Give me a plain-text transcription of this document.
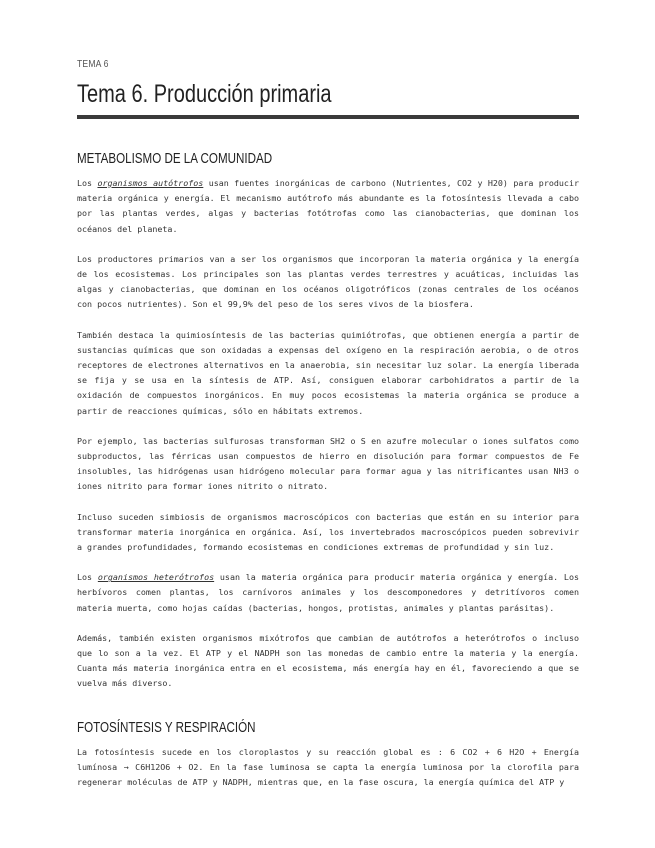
TEMA 6
Tema 6. Producción primaria
METABOLISMO DE LA COMUNIDAD

Los organismos autótrofos usan fuentes inorgánicas de carbono (Nutrientes, CO2 y H20) para producir materia orgánica y energía. El mecanismo autótrofo más abundante es la fotosíntesis llevada a cabo por las plantas verdes, algas y bacterias fotótrofas como las cianobacterias, que dominan los océanos del planeta.

Los productores primarios van a ser los organismos que incorporan la materia orgánica y la energía de los ecosistemas. Los principales son las plantas verdes terrestres y acuáticas, incluidas las algas y cianobacterias, que dominan en los océanos oligotróficos (zonas centrales de los océanos con pocos nutrientes). Son el 99,9% del peso de los seres vivos de la biosfera.

También destaca la quimiosíntesis de las bacterias quimiótrofas, que obtienen energía a partir de sustancias químicas que son oxidadas a expensas del oxígeno en la respiración aerobia, o de otros receptores de electrones alternativos en la anaerobia, sin necesitar luz solar. La energía liberada se fija y se usa en la síntesis de ATP. Así, consiguen elaborar carbohidratos a partir de la oxidación de compuestos inorgánicos. En muy pocos ecosistemas la materia orgánica se produce a partir de reacciones químicas, sólo en hábitats extremos.

Por ejemplo, las bacterias sulfurosas transforman SH2 o S en azufre molecular o iones sulfatos como subproductos, las férricas usan compuestos de hierro en disolución para formar compuestos de Fe insolubles, las hidrógenas usan hidrógeno molecular para formar agua y las nitrificantes usan NH3 o iones nitrito para formar iones nitrito o nitrato.

Incluso suceden simbiosis de organismos macroscópicos con bacterias que están en su interior para transformar materia inorgánica en orgánica. Así, los invertebrados macroscópicos pueden sobrevivir a grandes profundidades, formando ecosistemas en condiciones extremas de profundidad y sin luz.

Los organismos heterótrofos usan la materia orgánica para producir materia orgánica y energía. Los herbívoros comen plantas, los carnívoros animales y los descomponedores y detritívoros comen materia muerta, como hojas caídas (bacterias, hongos, protistas, animales y plantas parásitas).

Además, también existen organismos mixótrofos que cambian de autótrofos a heterótrofos o incluso que lo son a la vez. El ATP y el NADPH son las monedas de cambio entre la materia y la energía. Cuanta más materia inorgánica entra en el ecosistema, más energía hay en él, favoreciendo a que se vuelva más diverso.

FOTOSÍNTESIS Y RESPIRACIÓN

La fotosíntesis sucede en los cloroplastos y su reacción global es : 6 CO2 + 6 H2O + Energía lumínosa → C6H12O6 + O2. En la fase luminosa se capta la energía luminosa por la clorofila para regenerar moléculas de ATP y NADPH, mientras que, en la fase oscura, la energía química del ATP y
